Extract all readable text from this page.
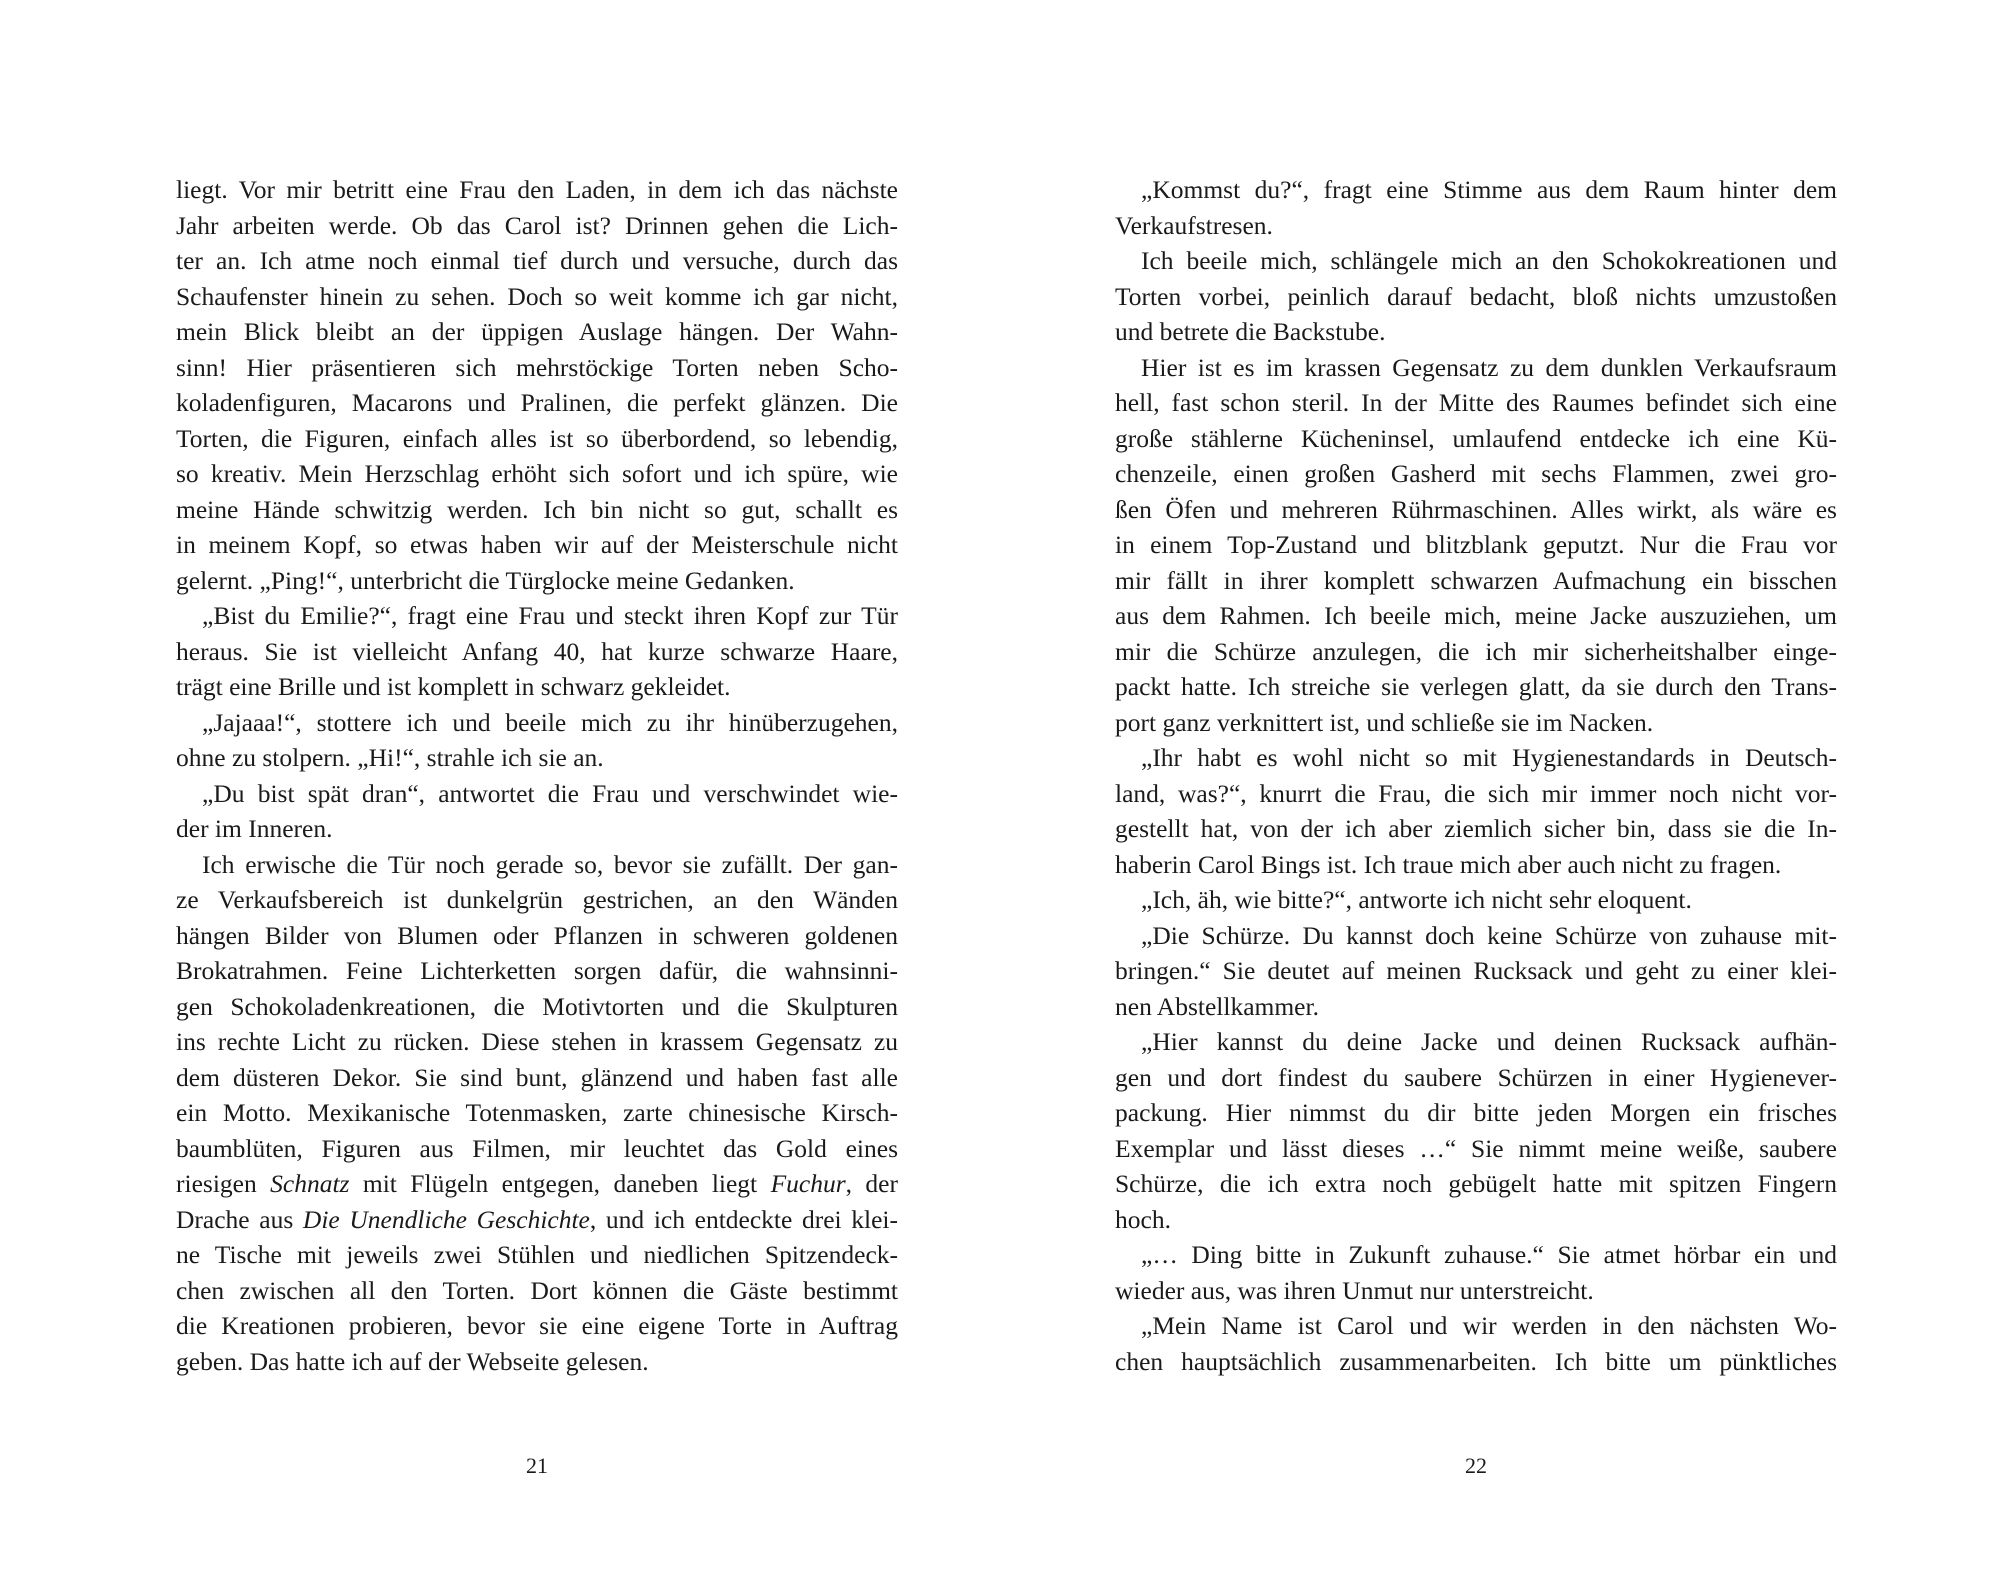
liegt. Vor mir betritt eine Frau den Laden, in dem ich das nächste
Jahr arbeiten werde. Ob das Carol ist? Drinnen gehen die Lich-
ter an. Ich atme noch einmal tief durch und versuche, durch das
Schaufenster hinein zu sehen. Doch so weit komme ich gar nicht,
mein Blick bleibt an der üppigen Auslage hängen. Der Wahn-
sinn! Hier präsentieren sich mehrstöckige Torten neben Scho-
koladenfiguren, Macarons und Pralinen, die perfekt glänzen. Die
Torten, die Figuren, einfach alles ist so überbordend, so lebendig,
so kreativ. Mein Herzschlag erhöht sich sofort und ich spüre, wie
meine Hände schwitzig werden. Ich bin nicht so gut, schallt es
in meinem Kopf, so etwas haben wir auf der Meisterschule nicht
gelernt. „Ping!“, unterbricht die Türglocke meine Gedanken.
„Bist du Emilie?“, fragt eine Frau und steckt ihren Kopf zur Tür
heraus. Sie ist vielleicht Anfang 40, hat kurze schwarze Haare,
trägt eine Brille und ist komplett in schwarz gekleidet.
„Jajaaa!“, stottere ich und beeile mich zu ihr hinüberzugehen,
ohne zu stolpern. „Hi!“, strahle ich sie an.
„Du bist spät dran“, antwortet die Frau und verschwindet wie-
der im Inneren.
Ich erwische die Tür noch gerade so, bevor sie zufällt. Der gan-
ze Verkaufsbereich ist dunkelgrün gestrichen, an den Wänden
hängen Bilder von Blumen oder Pflanzen in schweren goldenen
Brokatrahmen. Feine Lichterketten sorgen dafür, die wahnsinni-
gen Schokoladenkreationen, die Motivtorten und die Skulpturen
ins rechte Licht zu rücken. Diese stehen in krassem Gegensatz zu
dem düsteren Dekor. Sie sind bunt, glänzend und haben fast alle
ein Motto. Mexikanische Totenmasken, zarte chinesische Kirsch-
baumblüten, Figuren aus Filmen, mir leuchtet das Gold eines
riesigen Schnatz mit Flügeln entgegen, daneben liegt Fuchur, der
Drache aus Die Unendliche Geschichte, und ich entdeckte drei klei-
ne Tische mit jeweils zwei Stühlen und niedlichen Spitzendeck-
chen zwischen all den Torten. Dort können die Gäste bestimmt
die Kreationen probieren, bevor sie eine eigene Torte in Auftrag
geben. Das hatte ich auf der Webseite gelesen.
„Kommst du?“, fragt eine Stimme aus dem Raum hinter dem
Verkaufstresen.
Ich beeile mich, schlängele mich an den Schokokreationen und
Torten vorbei, peinlich darauf bedacht, bloß nichts umzustoßen
und betrete die Backstube.
Hier ist es im krassen Gegensatz zu dem dunklen Verkaufsraum
hell, fast schon steril. In der Mitte des Raumes befindet sich eine
große stählerne Kücheninsel, umlaufend entdecke ich eine Kü-
chenzeile, einen großen Gasherd mit sechs Flammen, zwei gro-
ßen Öfen und mehreren Rührmaschinen. Alles wirkt, als wäre es
in einem Top-Zustand und blitzblank geputzt. Nur die Frau vor
mir fällt in ihrer komplett schwarzen Aufmachung ein bisschen
aus dem Rahmen. Ich beeile mich, meine Jacke auszuziehen, um
mir die Schürze anzulegen, die ich mir sicherheitshalber einge-
packt hatte. Ich streiche sie verlegen glatt, da sie durch den Trans-
port ganz verknittert ist, und schließe sie im Nacken.
„Ihr habt es wohl nicht so mit Hygienestandards in Deutsch-
land, was?“, knurrt die Frau, die sich mir immer noch nicht vor-
gestellt hat, von der ich aber ziemlich sicher bin, dass sie die In-
haberin Carol Bings ist. Ich traue mich aber auch nicht zu fragen.
„Ich, äh, wie bitte?“, antworte ich nicht sehr eloquent.
„Die Schürze. Du kannst doch keine Schürze von zuhause mit-
bringen.“ Sie deutet auf meinen Rucksack und geht zu einer klei-
nen Abstellkammer.
„Hier kannst du deine Jacke und deinen Rucksack aufhän-
gen und dort findest du saubere Schürzen in einer Hygienever-
packung. Hier nimmst du dir bitte jeden Morgen ein frisches
Exemplar und lässt dieses …“ Sie nimmt meine weiße, saubere
Schürze, die ich extra noch gebügelt hatte mit spitzen Fingern
hoch.
„… Ding bitte in Zukunft zuhause.“ Sie atmet hörbar ein und
wieder aus, was ihren Unmut nur unterstreicht.
„Mein Name ist Carol und wir werden in den nächsten Wo-
chen hauptsächlich zusammenarbeiten. Ich bitte um pünktliches
21	22
